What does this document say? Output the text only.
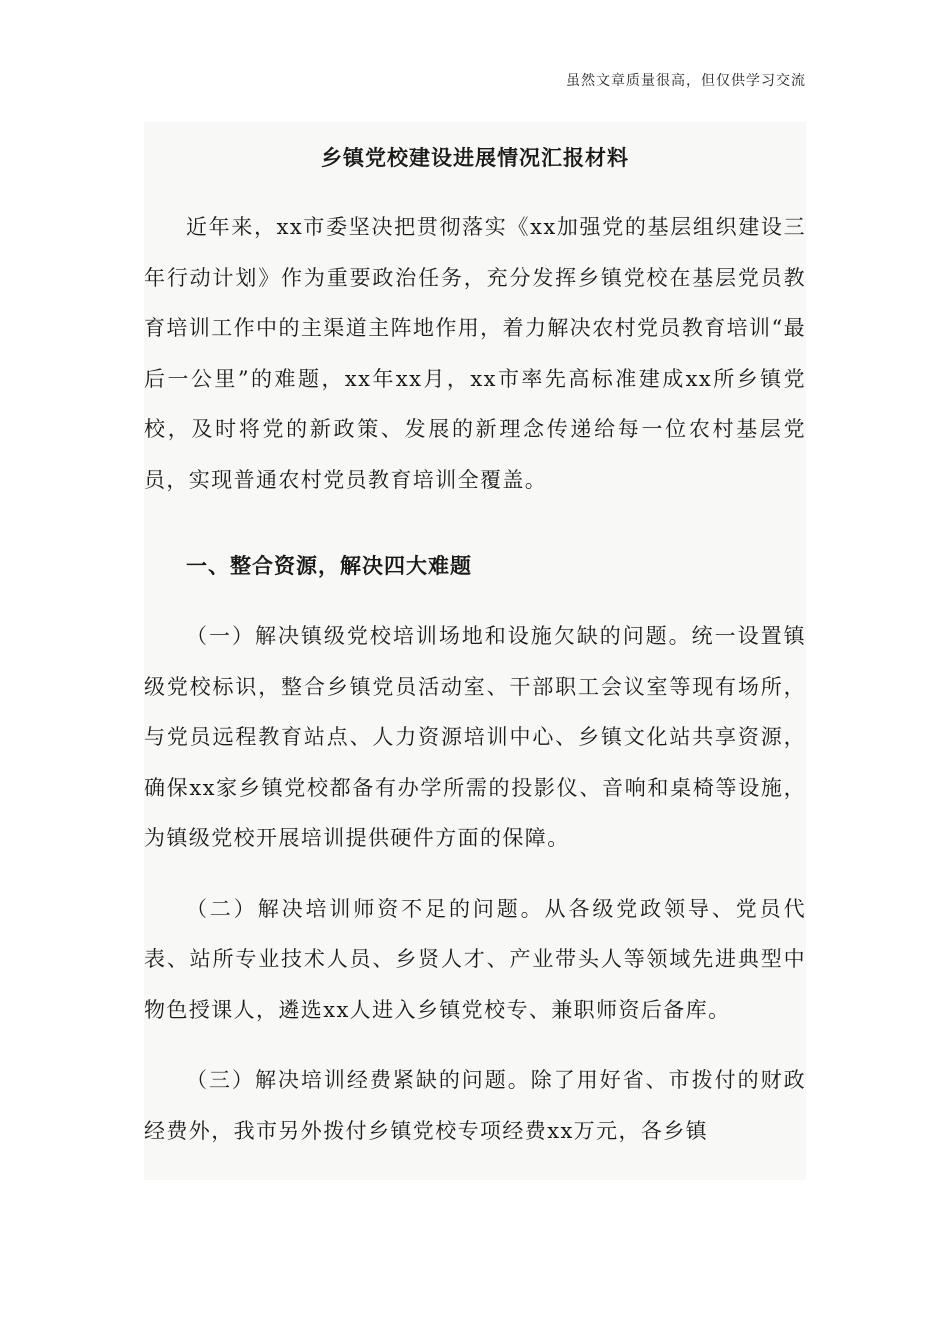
虽然文章质量很高，但仅供学习交流
乡镇党校建设进展情况汇报材料

近年来，xx市委坚决把贯彻落实《xx加强党的基层组织建设三年行动计划》作为重要政治任务，充分发挥乡镇党校在基层党员教育培训工作中的主渠道主阵地作用，着力解决农村党员教育培训“最后一公里”的难题，xx年xx月，xx市率先高标准建成xx所乡镇党校，及时将党的新政策、发展的新理念传递给每一位农村基层党员，实现普通农村党员教育培训全覆盖。

一、整合资源，解决四大难题

（一）解决镇级党校培训场地和设施欠缺的问题。统一设置镇级党校标识，整合乡镇党员活动室、干部职工会议室等现有场所，与党员远程教育站点、人力资源培训中心、乡镇文化站共享资源，确保xx家乡镇党校都备有办学所需的投影仪、音响和桌椅等设施，为镇级党校开展培训提供硬件方面的保障。

（二）解决培训师资不足的问题。从各级党政领导、党员代表、站所专业技术人员、乡贤人才、产业带头人等领域先进典型中物色授课人，遴选xx人进入乡镇党校专、兼职师资后备库。

（三）解决培训经费紧缺的问题。除了用好省、市拨付的财政经费外，我市另外拨付乡镇党校专项经费xx万元，各乡镇
